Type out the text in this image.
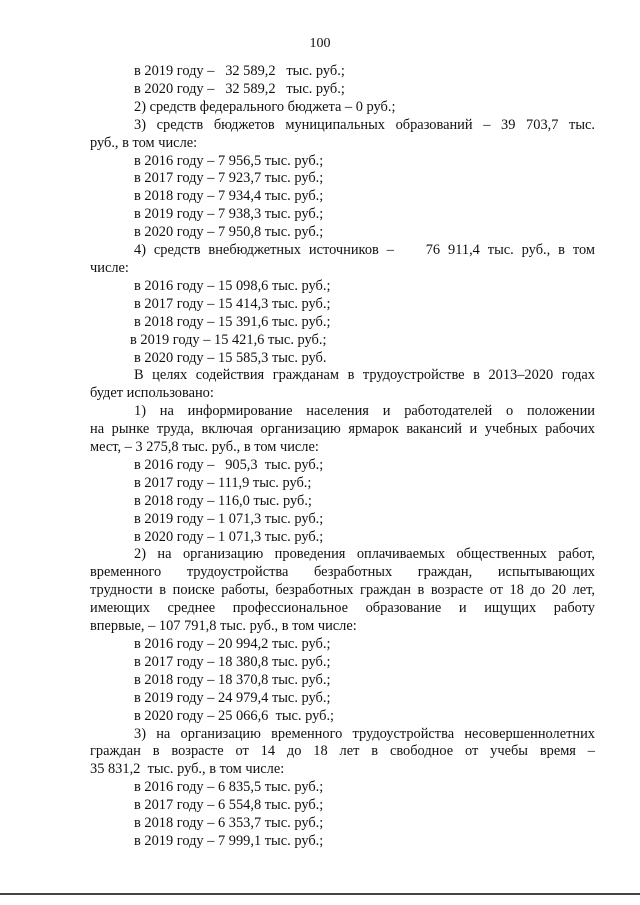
100
в 2019 году –   32 589,2   тыс. руб.;
в 2020 году –   32 589,2   тыс. руб.;
2) средств федерального бюджета – 0 руб.;
3) средств бюджетов муниципальных образований – 39 703,7 тыс.
руб., в том числе:
в 2016 году – 7 956,5 тыс. руб.;
в 2017 году – 7 923,7 тыс. руб.;
в 2018 году – 7 934,4 тыс. руб.;
в 2019 году – 7 938,3 тыс. руб.;
в 2020 году – 7 950,8 тыс. руб.;
4) средств внебюджетных источников –    76 911,4 тыс. руб., в том
числе:
в 2016 году – 15 098,6 тыс. руб.;
в 2017 году – 15 414,3 тыс. руб.;
в 2018 году – 15 391,6 тыс. руб.;
в 2019 году – 15 421,6 тыс. руб.;
в 2020 году – 15 585,3 тыс. руб.
В целях содействия гражданам в трудоустройстве в 2013–2020 годах
будет использовано:
1) на информирование населения и работодателей о положении
на рынке труда, включая организацию ярмарок вакансий и учебных рабочих
мест, – 3 275,8 тыс. руб., в том числе:
в 2016 году –   905,3  тыс. руб.;
в 2017 году – 111,9 тыс. руб.;
в 2018 году – 116,0 тыс. руб.;
в 2019 году – 1 071,3 тыс. руб.;
в 2020 году – 1 071,3 тыс. руб.;
2) на организацию проведения оплачиваемых общественных работ,
временного трудоустройства безработных граждан, испытывающих
трудности в поиске работы, безработных граждан в возрасте от 18 до 20 лет,
имеющих среднее профессиональное образование и ищущих работу
впервые, – 107 791,8 тыс. руб., в том числе:
в 2016 году – 20 994,2 тыс. руб.;
в 2017 году – 18 380,8 тыс. руб.;
в 2018 году – 18 370,8 тыс. руб.;
в 2019 году – 24 979,4 тыс. руб.;
в 2020 году – 25 066,6  тыс. руб.;
3) на организацию временного трудоустройства несовершеннолетних
граждан в возрасте от 14 до 18 лет в свободное от учебы время –
35 831,2  тыс. руб., в том числе:
в 2016 году – 6 835,5 тыс. руб.;
в 2017 году – 6 554,8 тыс. руб.;
в 2018 году – 6 353,7 тыс. руб.;
в 2019 году – 7 999,1 тыс. руб.;
